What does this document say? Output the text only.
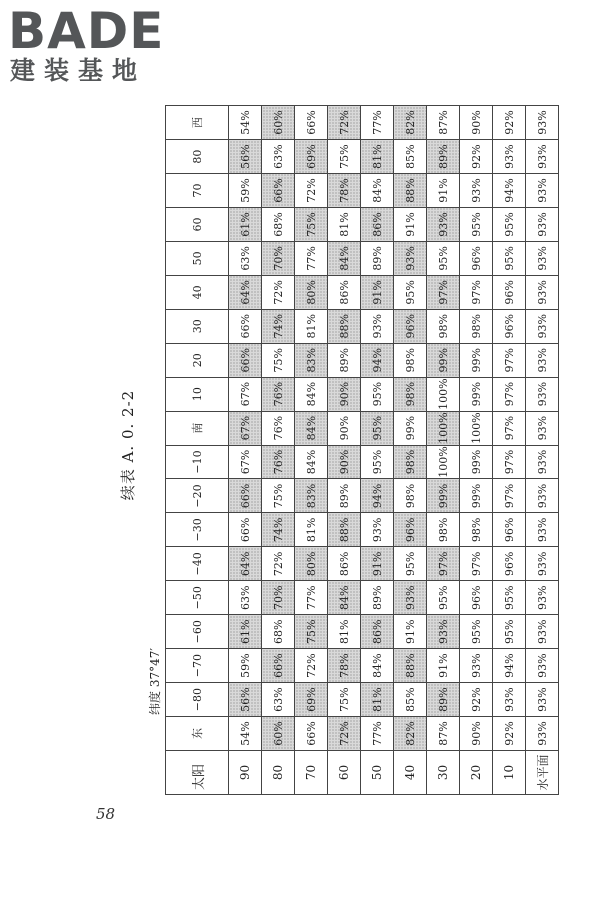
BADE
建装基地
续表 A. 0. 2-2
纬度 37°47′
太阳	东	−80	−70	−60	−50	−40	−30	−20	−10	南	10	20	30	40	50	60	70	80	西
90	54%	56%	59%	61%	63%	64%	66%	66%	67%	67%	67%	66%	66%	64%	63%	61%	59%	56%	54%
80	60%	63%	66%	68%	70%	72%	74%	75%	76%	76%	76%	75%	74%	72%	70%	68%	66%	63%	60%
70	66%	69%	72%	75%	77%	80%	81%	83%	84%	84%	84%	83%	81%	80%	77%	75%	72%	69%	66%
60	72%	75%	78%	81%	84%	86%	88%	89%	90%	90%	90%	89%	88%	86%	84%	81%	78%	75%	72%
50	77%	81%	84%	86%	89%	91%	93%	94%	95%	95%	95%	94%	93%	91%	89%	86%	84%	81%	77%
40	82%	85%	88%	91%	93%	95%	96%	98%	98%	99%	98%	98%	96%	95%	93%	91%	88%	85%	82%
30	87%	89%	91%	93%	95%	97%	98%	99%	100%	100%	100%	99%	98%	97%	95%	93%	91%	89%	87%
20	90%	92%	93%	95%	96%	97%	98%	99%	99%	100%	99%	99%	98%	97%	96%	95%	93%	92%	90%
10	92%	93%	94%	95%	95%	96%	96%	97%	97%	97%	97%	97%	96%	96%	95%	95%	94%	93%	92%
水平面	93%	93%	93%	93%	93%	93%	93%	93%	93%	93%	93%	93%	93%	93%	93%	93%	93%	93%	93%
58
